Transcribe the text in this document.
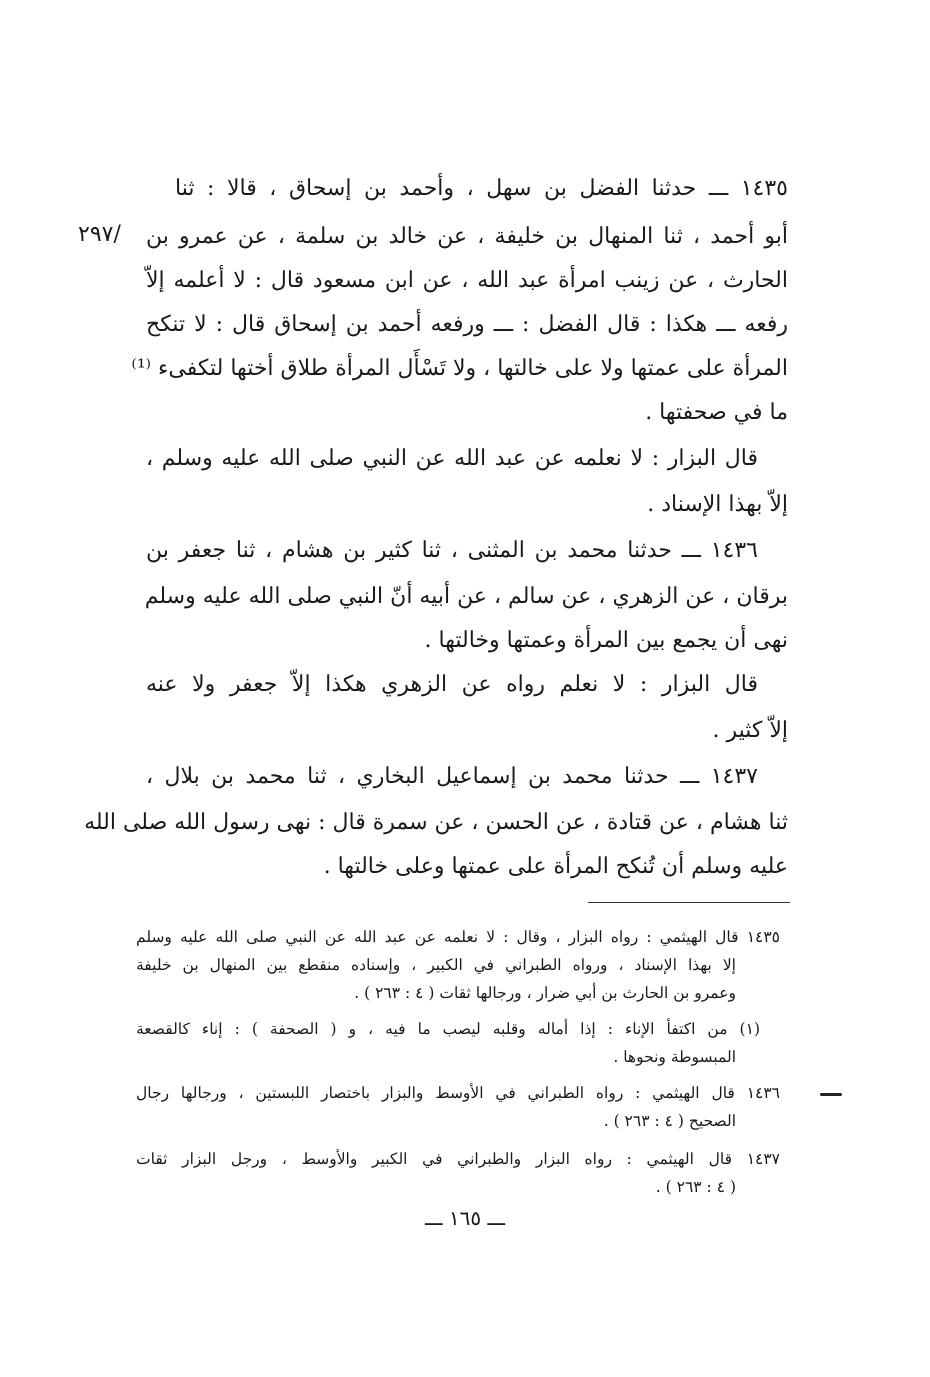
٢٩٧/
١٤٣٥ ـــ حدثنا الفضل بن سهل ، وأحمد بن إسحاق ، قالا : ثنا
أبو أحمد ، ثنا المنهال بن خليفة ، عن خالد بن سلمة ، عن عمرو بن
الحارث ، عن زينب امرأة عبد الله ، عن ابن مسعود قال : لا أعلمه إلاّ
رفعه ـــ هكذا : قال الفضل : ـــ ورفعه أحمد بن إسحاق قال : لا تنكح
المرأة على عمتها ولا على خالتها ، ولا تَسْأَل المرأة طلاق أختها لتكفىء ⁽¹⁾
ما في صحفتها .
قال البزار : لا نعلمه عن عبد الله عن النبي صلى الله عليه وسلم ،
إلاّ بهذا الإسناد .
١٤٣٦ ـــ حدثنا محمد بن المثنى ، ثنا كثير بن هشام ، ثنا جعفر بن
برقان ، عن الزهري ، عن سالم ، عن أبيه أنّ النبي صلى الله عليه وسلم
نهى أن يجمع بين المرأة وعمتها وخالتها .
قال البزار : لا نعلم رواه عن الزهري هكذا إلاّ جعفر ولا عنه
إلاّ كثير .
١٤٣٧ ـــ حدثنا محمد بن إسماعيل البخاري ، ثنا محمد بن بلال ،
ثنا هشام ، عن قتادة ، عن الحسن ، عن سمرة قال : نهى رسول الله صلى الله
عليه وسلم أن تُنكح المرأة على عمتها وعلى خالتها .
١٤٣٥ قال الهيثمي : رواه البزار ، وقال : لا نعلمه عن عبد الله عن النبي صلى الله عليه وسلم
إلا بهذا الإسناد ، ورواه الطبراني في الكبير ، وإسناده منقطع بين المنهال بن خليفة
وعمرو بن الحارث بن أبي ضرار ، ورجالها ثقات ( ٤ : ٢٦٣ ) .
(١) من اكتفأ الإناء : إذا أماله وقلبه ليصب ما فيه ، و ( الصحفة ) : إناء كالقصعة
المبسوطة ونحوها .
١٤٣٦ قال الهيثمي : رواه الطبراني في الأوسط والبزار باختصار اللبستين ، ورجالها رجال
الصحيح ( ٤ : ٢٦٣ ) .
١٤٣٧ قال الهيثمي : رواه البزار والطبراني في الكبير والأوسط ، ورجل البزار ثقات
( ٤ : ٢٦٣ ) .
ـــ ١٦٥ ـــ
